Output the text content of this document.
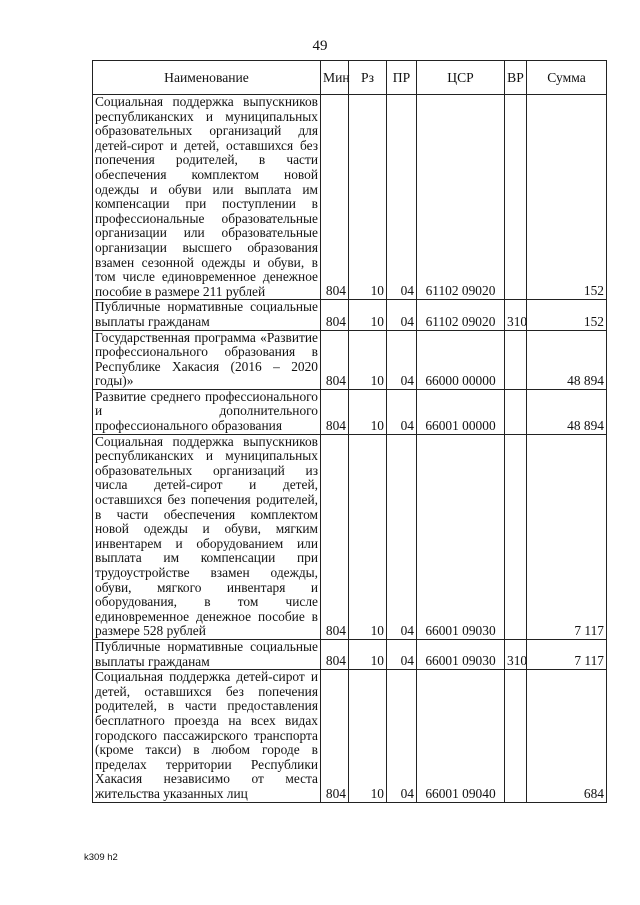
49
Наименование	Мин	Рз	ПР	ЦСР	ВР	Сумма
Социальная поддержка выпускников республиканских и муниципальных образовательных организаций для детей-сирот и детей, оставшихся без попечения родителей, в части обеспечения комплектом новой одежды и обуви или выплата им компенсации при поступлении в профессиональные образовательные организации или образовательные организации высшего образования взамен сезонной одежды и обуви, в том числе единовременное денежное пособие в размере 211 рублей	804	10	04	61102 09020		152
Публичные нормативные социальные выплаты гражданам	804	10	04	61102 09020	310	152
Государственная программа «Развитие профессионального образования в Республике Хакасия (2016 – 2020 годы)»	804	10	04	66000 00000		48 894
Развитие среднего профессионального и дополнительного профессионального образования	804	10	04	66001 00000		48 894
Социальная поддержка выпускников республиканских и муниципальных образовательных организаций из числа детей-сирот и детей, оставшихся без попечения родителей, в части обеспечения комплектом новой одежды и обуви, мягким инвентарем и оборудованием или выплата им компенсации при трудоустройстве взамен одежды, обуви, мягкого инвентаря и оборудования, в том числе единовременное денежное пособие в размере 528 рублей	804	10	04	66001 09030		7 117
Публичные нормативные социальные выплаты гражданам	804	10	04	66001 09030	310	7 117
Социальная поддержка детей-сирот и детей, оставшихся без попечения родителей, в части предоставления бесплатного проезда на всех видах городского пассажирского транспорта (кроме такси) в любом городе в пределах территории Республики Хакасия независимо от места жительства указанных лиц	804	10	04	66001 09040		684
k309 h2
